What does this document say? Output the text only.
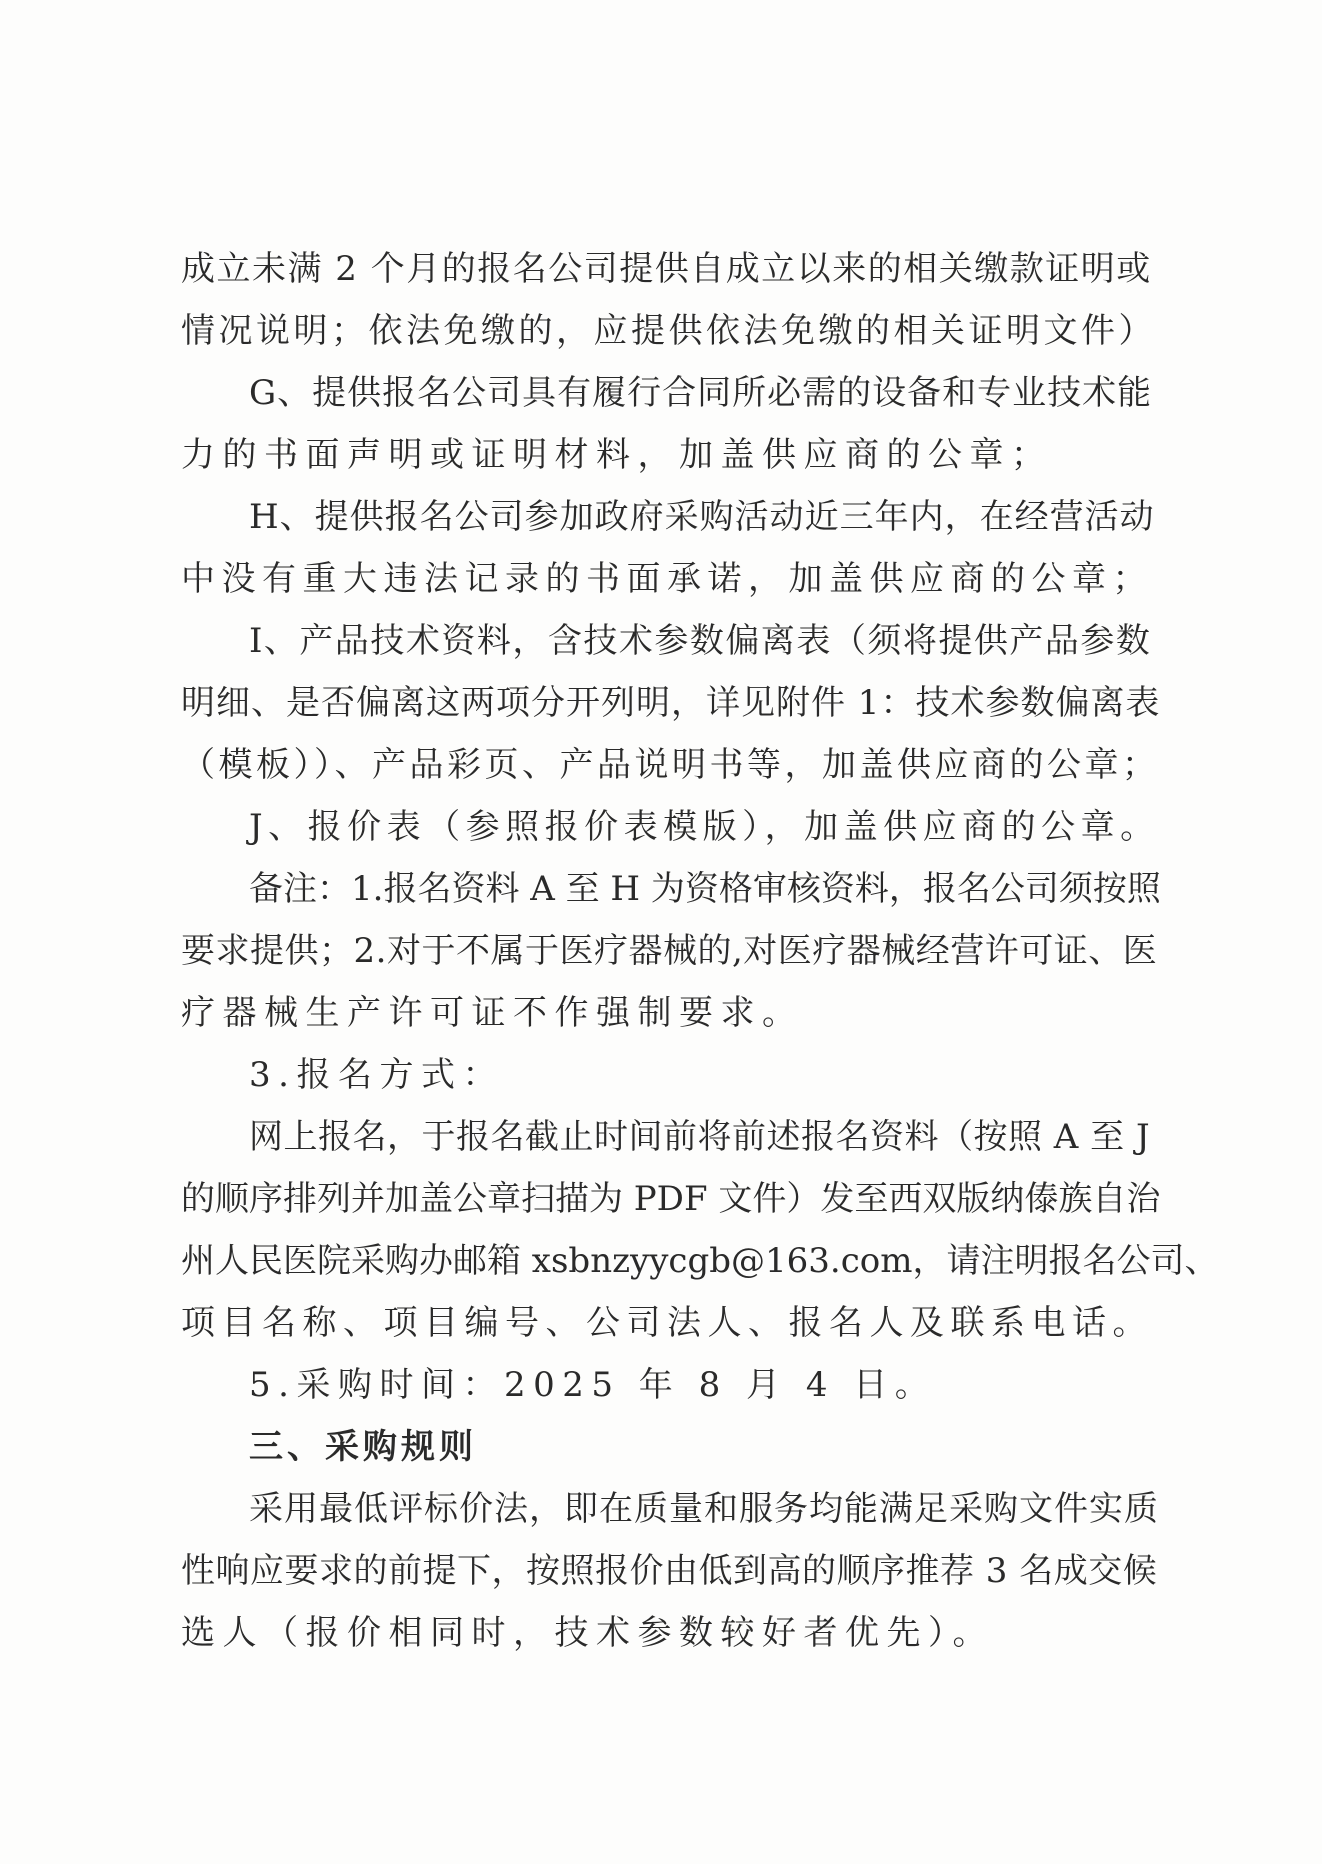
成立未满 2 个月的报名公司提供自成立以来的相关缴款证明或
情况说明；依法免缴的，应提供依法免缴的相关证明文件）
G、提供报名公司具有履行合同所必需的设备和专业技术能
力的书面声明或证明材料，加盖供应商的公章；
H、提供报名公司参加政府采购活动近三年内，在经营活动
中没有重大违法记录的书面承诺，加盖供应商的公章；
I、产品技术资料，含技术参数偏离表（须将提供产品参数
明细、是否偏离这两项分开列明，详见附件 1：技术参数偏离表
（模板））、产品彩页、产品说明书等，加盖供应商的公章；
J、报价表（参照报价表模版），加盖供应商的公章。
备注：1.报名资料 A 至 H 为资格审核资料，报名公司须按照
要求提供；2.对于不属于医疗器械的,对医疗器械经营许可证、医
疗器械生产许可证不作强制要求。
3.报名方式：
网上报名，于报名截止时间前将前述报名资料（按照 A 至 J
的顺序排列并加盖公章扫描为 PDF 文件）发至西双版纳傣族自治
州人民医院采购办邮箱 xsbnzyycgb@163.com，请注明报名公司、
项目名称、项目编号、公司法人、报名人及联系电话。
5.采购时间：2025 年 8 月 4 日。
三、采购规则
采用最低评标价法，即在质量和服务均能满足采购文件实质
性响应要求的前提下，按照报价由低到高的顺序推荐 3 名成交候
选人（报价相同时，技术参数较好者优先）。
